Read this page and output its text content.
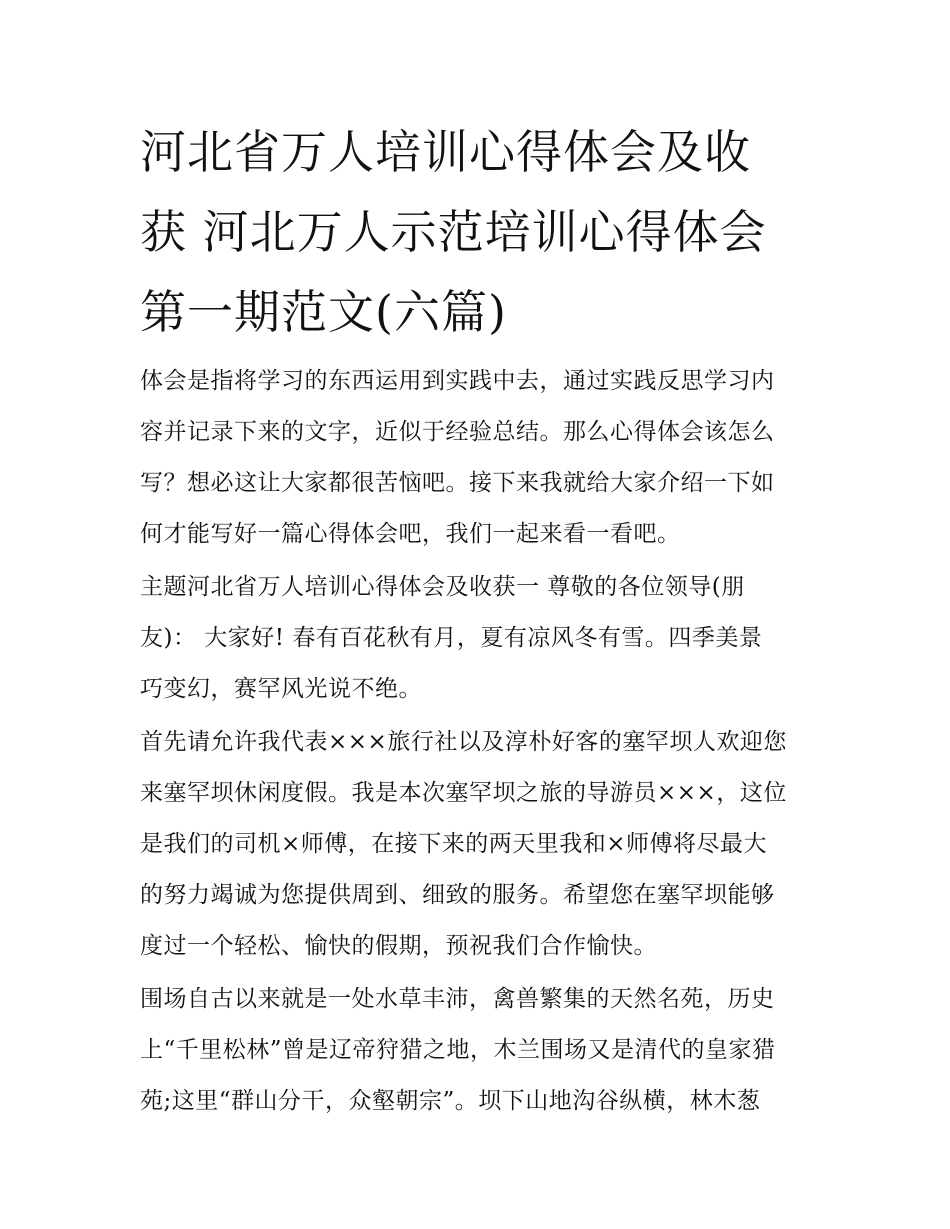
河北省万人培训心得体会及收
获 河北万人示范培训心得体会
第一期范文(六篇)

体会是指将学习的东西运用到实践中去，通过实践反思学习内
容并记录下来的文字，近似于经验总结。那么心得体会该怎么
写？想必这让大家都很苦恼吧。接下来我就给大家介绍一下如
何才能写好一篇心得体会吧，我们一起来看一看吧。

主题河北省万人培训心得体会及收获一 尊敬的各位领导(朋
友)： 大家好! 春有百花秋有月，夏有凉风冬有雪。四季美景
巧变幻，赛罕风光说不绝。

首先请允许我代表×××旅行社以及淳朴好客的塞罕坝人欢迎您
来塞罕坝休闲度假。我是本次塞罕坝之旅的导游员×××，这位
是我们的司机×师傅，在接下来的两天里我和×师傅将尽最大
的努力竭诚为您提供周到、细致的服务。希望您在塞罕坝能够
度过一个轻松、愉快的假期，预祝我们合作愉快。

围场自古以来就是一处水草丰沛，禽兽繁集的天然名苑，历史
上“千里松林”曾是辽帝狩猎之地，木兰围场又是清代的皇家猎
苑;这里“群山分干，众壑朝宗”。坝下山地沟谷纵横，林木葱
